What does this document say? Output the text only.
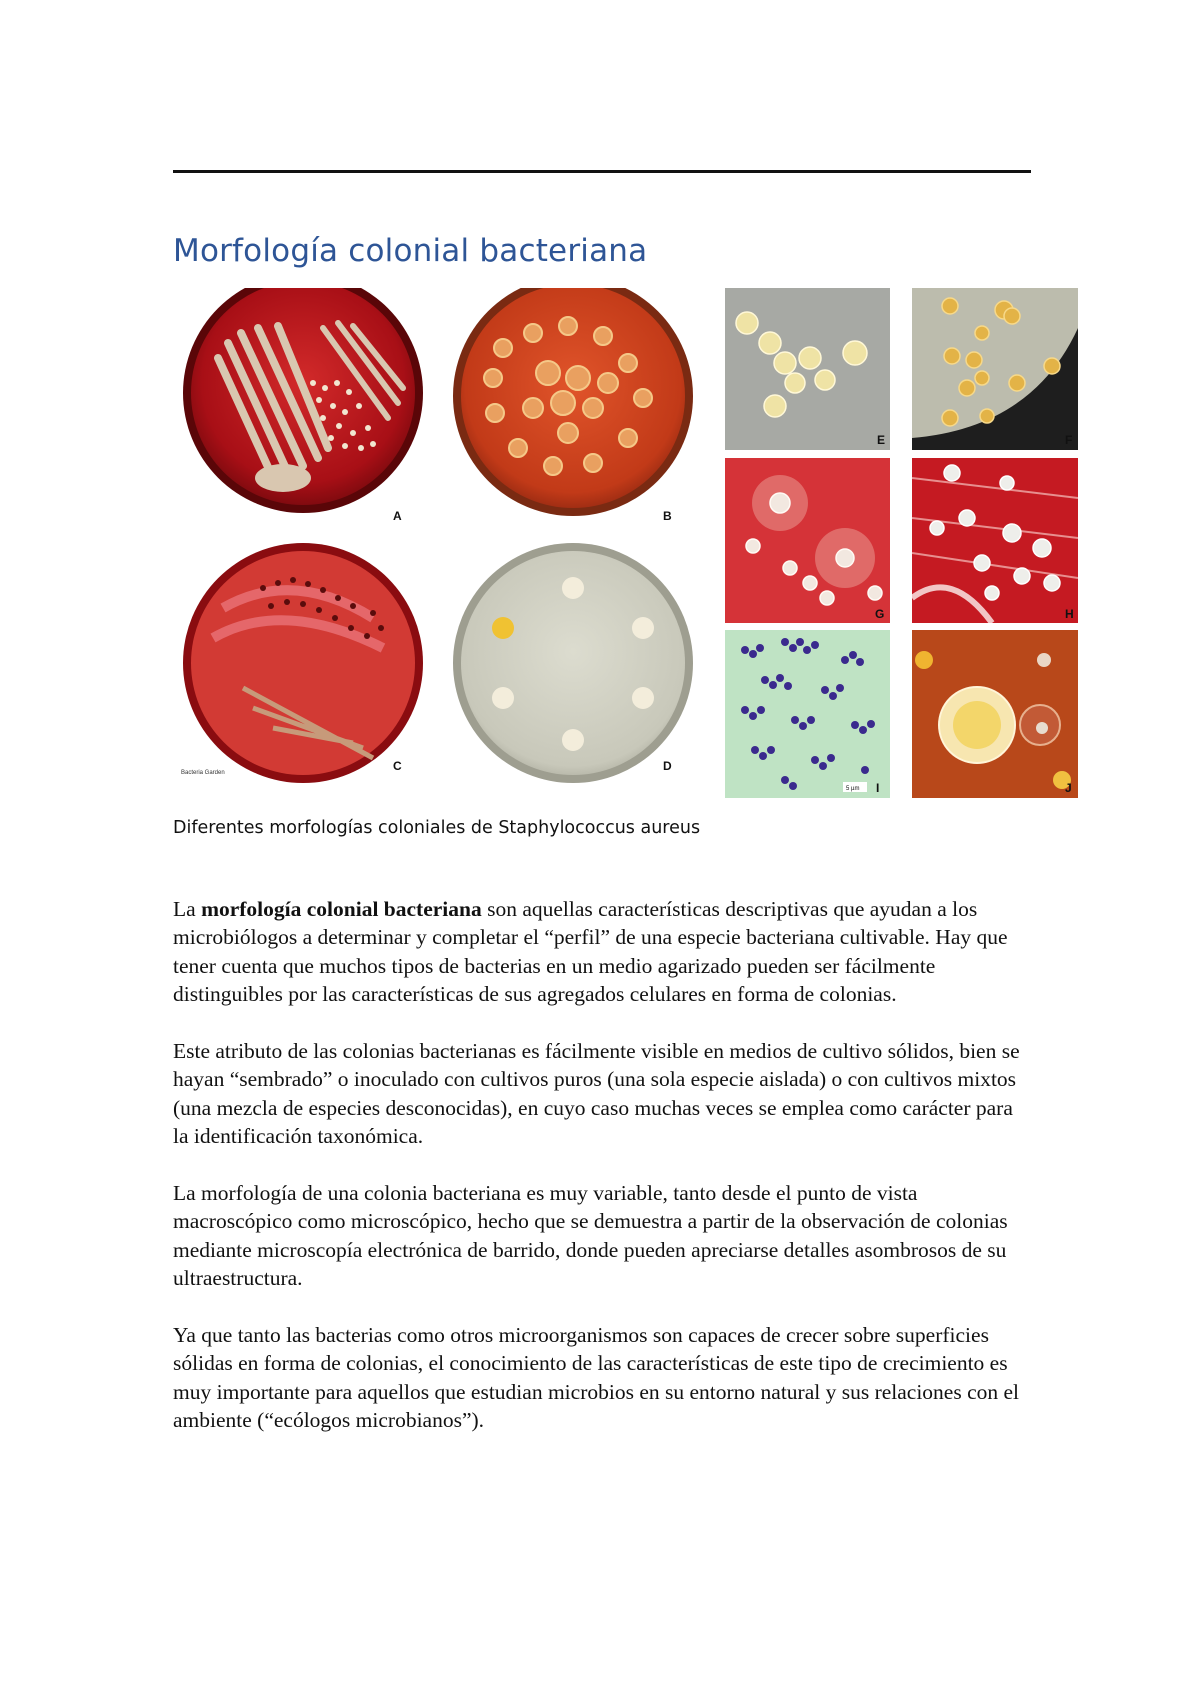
Morfología colonial bacteriana
A	B
C
Bacteria Garden	D
E	F
G	H
5 µm I	J
Diferentes morfologías coloniales de Staphylococcus aureus

La morfología colonial bacteriana son aquellas características descriptivas que ayudan a los microbiólogos a determinar y completar el “perfil” de una especie bacteriana cultivable. Hay que tener cuenta que muchos tipos de bacterias en un medio agarizado pueden ser fácilmente distinguibles por las características de sus agregados celulares en forma de colonias.

Este atributo de las colonias bacterianas es fácilmente visible en medios de cultivo sólidos, bien se hayan “sembrado” o inoculado con cultivos puros (una sola especie aislada) o con cultivos mixtos (una mezcla de especies desconocidas), en cuyo caso muchas veces se emplea como carácter para la identificación taxonómica.

La morfología de una colonia bacteriana es muy variable, tanto desde el punto de vista macroscópico como microscópico, hecho que se demuestra a partir de la observación de colonias mediante microscopía electrónica de barrido, donde pueden apreciarse detalles asombrosos de su ultraestructura.

Ya que tanto las bacterias como otros microorganismos son capaces de crecer sobre superficies sólidas en forma de colonias, el conocimiento de las características de este tipo de crecimiento es muy importante para aquellos que estudian microbios en su entorno natural y sus relaciones con el ambiente (“ecólogos microbianos”).
